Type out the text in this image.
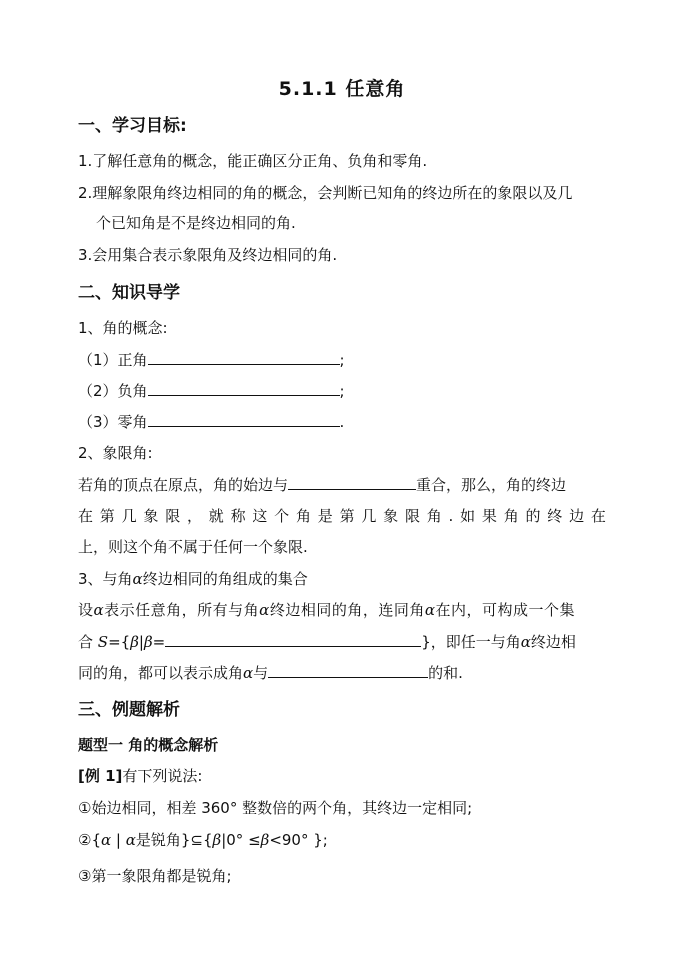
5.1.1 任意角
一、学习目标:
1.了解任意角的概念，能正确区分正角、负角和零角.
2.理解象限角终边相同的角的概念，会判断已知角的终边所在的象限以及几
个已知角是不是终边相同的角.
3.会用集合表示象限角及终边相同的角.
二、知识导学
1、角的概念:
（1）正角	;
（2）负角	;
（3）零角	.
2、象限角:
若角的顶点在原点，角的始边与	重合，那么，角的终边
在 第 几 象 限 ， 就 称 这 个 角 是 第 几 象 限 角 . 如 果 角 的 终 边 在
上，则这个角不属于任何一个象限.
3、与角α终边相同的角组成的集合
设α表示任意角，所有与角α终边相同的角，连同角α在内，可构成一个集
合 S={β|β=	}，即任一与角α终边相
同的角，都可以表示成角α与	的和.
三、例题解析
题型一 角的概念解析
[例 1]有下列说法:
①始边相同，相差 360° 整数倍的两个角，其终边一定相同;
②{α | α是锐角}⊆{β|0° ≤β<90° };
③第一象限角都是锐角;
